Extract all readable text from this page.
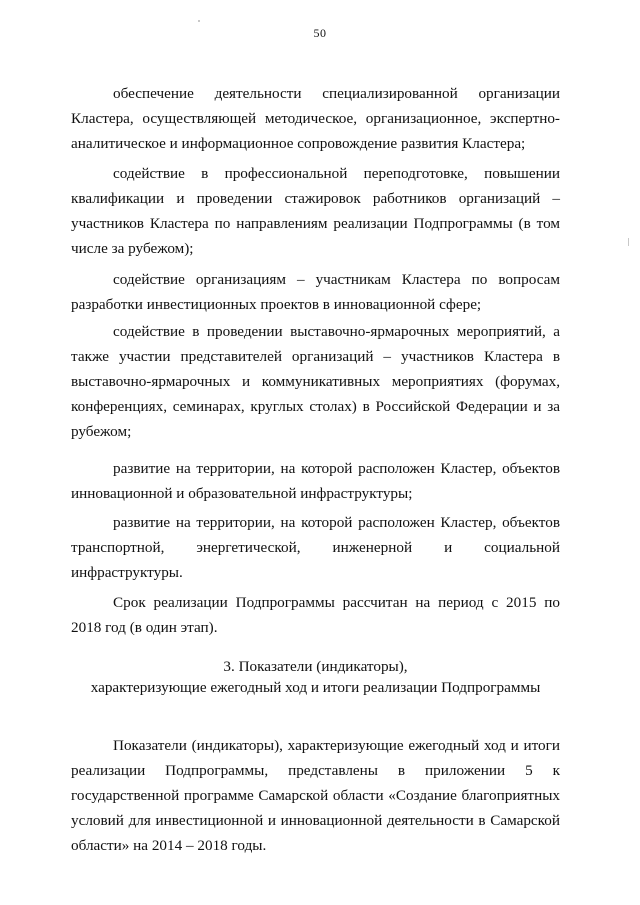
50

обеспечение деятельности специализированной организации Кластера, осуществляющей методическое, организационное, экспертно-аналитическое и информационное сопровождение развития Кластера;

содействие в профессиональной переподготовке, повышении квалификации и проведении стажировок работников организаций – участников Кластера по направлениям реализации Подпрограммы (в том числе за рубежом);

содействие организациям – участникам Кластера по вопросам разработки инвестиционных проектов в инновационной сфере;

содействие в проведении выставочно-ярмарочных мероприятий, а также участии представителей организаций – участников Кластера в выставочно-ярмарочных и коммуникативных мероприятиях (форумах, конференциях, семинарах, круглых столах) в Российской Федерации и за рубежом;

развитие на территории, на которой расположен Кластер, объектов инновационной и образовательной инфраструктуры;

развитие на территории, на которой расположен Кластер, объектов транспортной, энергетической, инженерной и социальной инфраструктуры.

Срок реализации Подпрограммы рассчитан на период с 2015 по 2018 год (в один этап).

3. Показатели (индикаторы),
характеризующие ежегодный ход и итоги реализации Подпрограммы

Показатели (индикаторы), характеризующие ежегодный ход и итоги реализации Подпрограммы, представлены в приложении 5 к государственной программе Самарской области «Создание благоприятных условий для инвестиционной и инновационной деятельности в Самарской области» на 2014 – 2018 годы.
